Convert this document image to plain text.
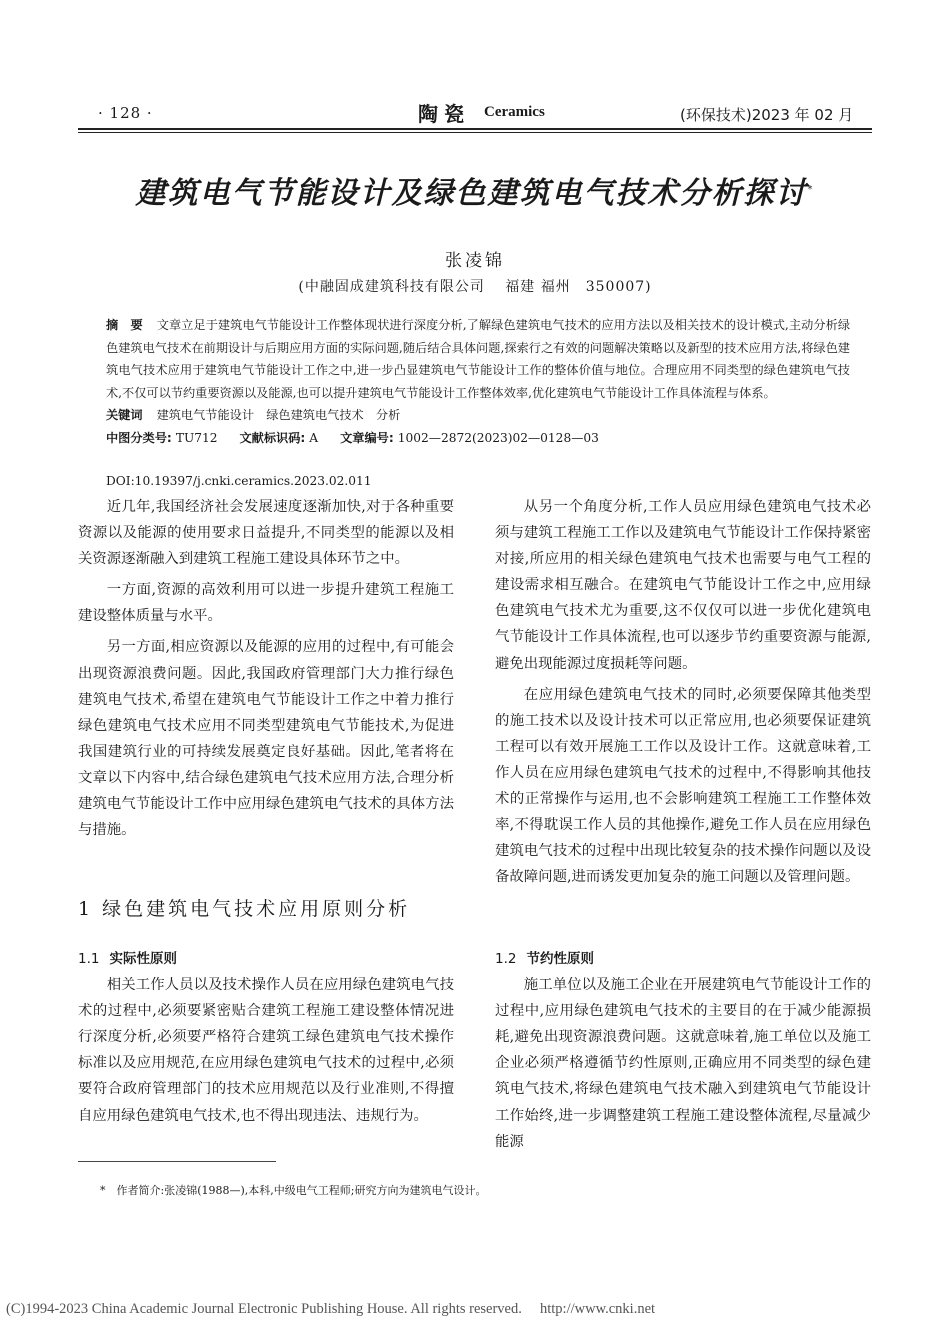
· 128 ·	陶瓷 Ceramics	(环保技术)2023 年 02 月
建筑电气节能设计及绿色建筑电气技术分析探讨*
张凌锦
(中融固成建筑科技有限公司　 福建 福州　350007)
摘　要 文章立足于建筑电气节能设计工作整体现状进行深度分析,了解绿色建筑电气技术的应用方法以及相关技术的设计模式,主动分析绿色建筑电气技术在前期设计与后期应用方面的实际问题,随后结合具体问题,探索行之有效的问题解决策略以及新型的技术应用方法,将绿色建筑电气技术应用于建筑电气节能设计工作之中,进一步凸显建筑电气节能设计工作的整体价值与地位。合理应用不同类型的绿色建筑电气技术,不仅可以节约重要资源以及能源,也可以提升建筑电气节能设计工作整体效率,优化建筑电气节能设计工作具体流程与体系。
关键词 建筑电气节能设计　绿色建筑电气技术　分析
中图分类号: TU712 文献标识码: A 文章编号: 1002—2872(2023)02—0128—03
DOI:10.19397/j.cnki.ceramics.2023.02.011

近几年,我国经济社会发展速度逐渐加快,对于各种重要资源以及能源的使用要求日益提升,不同类型的能源以及相关资源逐渐融入到建筑工程施工建设具体环节之中。

一方面,资源的高效利用可以进一步提升建筑工程施工建设整体质量与水平。

另一方面,相应资源以及能源的应用的过程中,有可能会出现资源浪费问题。因此,我国政府管理部门大力推行绿色建筑电气技术,希望在建筑电气节能设计工作之中着力推行绿色建筑电气技术应用不同类型建筑电气节能技术,为促进我国建筑行业的可持续发展奠定良好基础。因此,笔者将在文章以下内容中,结合绿色建筑电气技术应用方法,合理分析建筑电气节能设计工作中应用绿色建筑电气技术的具体方法与措施。

1 绿色建筑电气技术应用原则分析
1.1 实际性原则

相关工作人员以及技术操作人员在应用绿色建筑电气技术的过程中,必须要紧密贴合建筑工程施工建设整体情况进行深度分析,必须要严格符合建筑工绿色建筑电气技术操作标准以及应用规范,在应用绿色建筑电气技术的过程中,必须要符合政府管理部门的技术应用规范以及行业准则,不得擅自应用绿色建筑电气技术,也不得出现违法、违规行为。

从另一个角度分析,工作人员应用绿色建筑电气技术必须与建筑工程施工工作以及建筑电气节能设计工作保持紧密对接,所应用的相关绿色建筑电气技术也需要与电气工程的建设需求相互融合。在建筑电气节能设计工作之中,应用绿色建筑电气技术尤为重要,这不仅仅可以进一步优化建筑电气节能设计工作具体流程,也可以逐步节约重要资源与能源,避免出现能源过度损耗等问题。

在应用绿色建筑电气技术的同时,必须要保障其他类型的施工技术以及设计技术可以正常应用,也必须要保证建筑工程可以有效开展施工工作以及设计工作。这就意味着,工作人员在应用绿色建筑电气技术的过程中,不得影响其他技术的正常操作与运用,也不会影响建筑工程施工工作整体效率,不得耽误工作人员的其他操作,避免工作人员在应用绿色建筑电气技术的过程中出现比较复杂的技术操作问题以及设备故障问题,进而诱发更加复杂的施工问题以及管理问题。

1.2 节约性原则

施工单位以及施工企业在开展建筑电气节能设计工作的过程中,应用绿色建筑电气技术的主要目的在于减少能源损耗,避免出现资源浪费问题。这就意味着,施工单位以及施工企业必须严格遵循节约性原则,正确应用不同类型的绿色建筑电气技术,将绿色建筑电气技术融入到建筑电气节能设计工作始终,进一步调整建筑工程施工建设整体流程,尽量减少能源

*　作者简介:张凌锦(1988—),本科,中级电气工程师;研究方向为建筑电气设计。
(C)1994-2023 China Academic Journal Electronic Publishing House. All rights reserved.　 http://www.cnki.net
